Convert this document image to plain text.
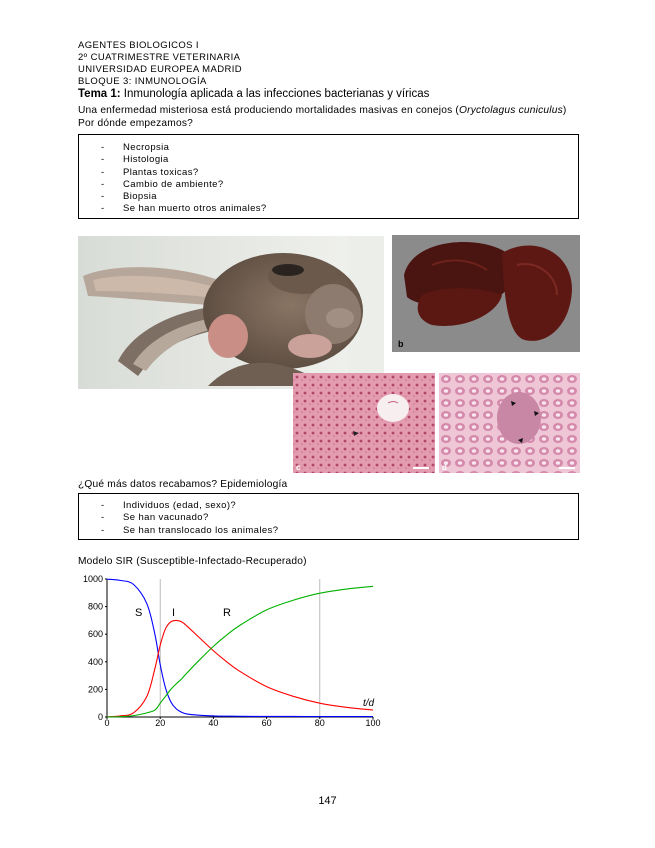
AGENTES BIOLOGICOS I
2º CUATRIMESTRE VETERINARIA
UNIVERSIDAD EUROPEA MADRID
BLOQUE 3: INMUNOLOGÍA
Tema 1: Inmunología aplicada a las infecciones bacterianas y víricas
Una enfermedad misteriosa está produciendo mortalidades masivas en conejos (Oryctolagus cuniculus) Por dónde empezamos?
- Necropsia
- Histologia
- Plantas toxicas?
- Cambio de ambiente?
- Biopsia
- Se han muerto otros animales?
b
c	d
¿Qué más datos recabamos? Epidemiología
- Individuos (edad, sexo)?
- Se han vacunado?
- Se han translocado los animales?
Modelo SIR (Susceptible-Infectado-Recuperado)
0	20	40	60	80	100
0
200
400
600
800
1000
S	I	R
t/d
147
